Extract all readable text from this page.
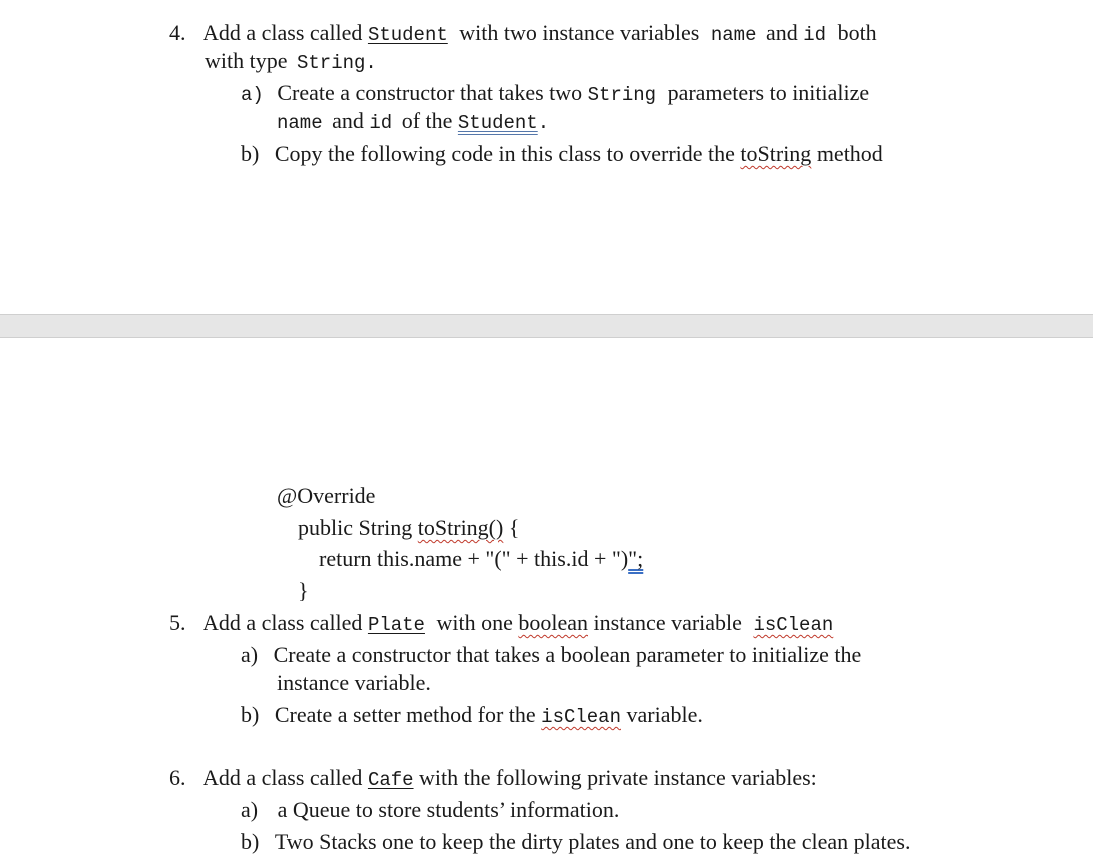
4. Add a class called Student with two instance variables name and id both
with type String.
a) Create a constructor that takes two String parameters to initialize
name and id of the Student.
b) Copy the following code in this class to override the toString method
@Override
public String toString() {
return this.name + "(" + this.id + ")";
}
5. Add a class called Plate with one boolean instance variable isClean
a) Create a constructor that takes a boolean parameter to initialize the
instance variable.
b) Create a setter method for the isClean variable.
6. Add a class called Cafe with the following private instance variables:
a) a Queue to store students’ information.
b) Two Stacks one to keep the dirty plates and one to keep the clean plates.
